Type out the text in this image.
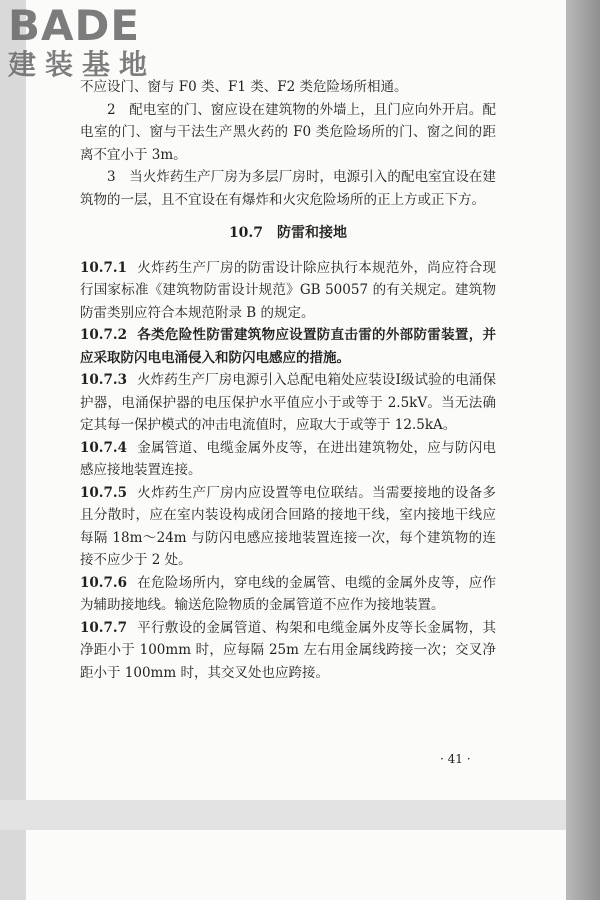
BADE
建装基地

不应设门、窗与 F0 类、F1 类、F2 类危险场所相通。

2　配电室的门、窗应设在建筑物的外墙上，且门应向外开启。配电室的门、窗与干法生产黑火药的 F0 类危险场所的门、窗之间的距离不宜小于 3m。

3　当火炸药生产厂房为多层厂房时，电源引入的配电室宜设在建筑物的一层，且不宜设在有爆炸和火灾危险场所的正上方或正下方。

10.7　防雷和接地

10.7.1 火炸药生产厂房的防雷设计除应执行本规范外，尚应符合现行国家标准《建筑物防雷设计规范》GB 50057 的有关规定。建筑物防雷类别应符合本规范附录 B 的规定。

10.7.2 各类危险性防雷建筑物应设置防直击雷的外部防雷装置，并应采取防闪电电涌侵入和防闪电感应的措施。

10.7.3 火炸药生产厂房电源引入总配电箱处应装设Ⅰ级试验的电涌保护器，电涌保护器的电压保护水平值应小于或等于 2.5kV。当无法确定其每一保护模式的冲击电流值时，应取大于或等于 12.5kA。

10.7.4 金属管道、电缆金属外皮等，在进出建筑物处，应与防闪电感应接地装置连接。

10.7.5 火炸药生产厂房内应设置等电位联结。当需要接地的设备多且分散时，应在室内装设构成闭合回路的接地干线，室内接地干线应每隔 18m～24m 与防闪电感应接地装置连接一次，每个建筑物的连接不应少于 2 处。

10.7.6 在危险场所内，穿电线的金属管、电缆的金属外皮等，应作为辅助接地线。输送危险物质的金属管道不应作为接地装置。

10.7.7 平行敷设的金属管道、构架和电缆金属外皮等长金属物，其净距小于 100mm 时，应每隔 25m 左右用金属线跨接一次；交叉净距小于 100mm 时，其交叉处也应跨接。

· 41 ·
